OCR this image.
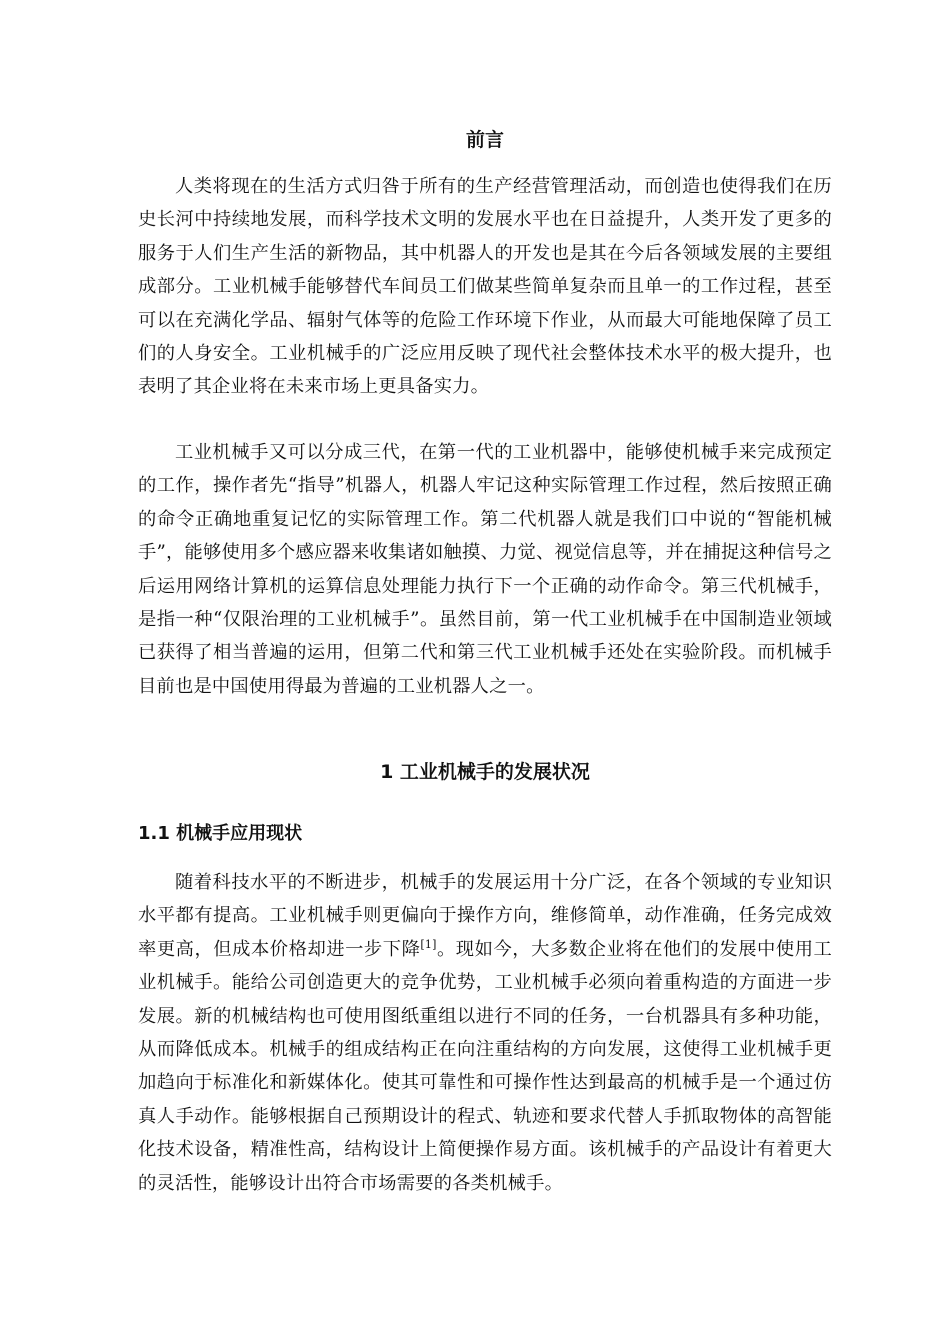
前言

人类将现在的生活方式归咎于所有的生产经营管理活动，而创造也使得我们在历史长河中持续地发展，而科学技术文明的发展水平也在日益提升，人类开发了更多的服务于人们生产生活的新物品，其中机器人的开发也是其在今后各领域发展的主要组成部分。工业机械手能够替代车间员工们做某些简单复杂而且单一的工作过程，甚至可以在充满化学品、辐射气体等的危险工作环境下作业，从而最大可能地保障了员工们的人身安全。工业机械手的广泛应用反映了现代社会整体技术水平的极大提升，也表明了其企业将在未来市场上更具备实力。

工业机械手又可以分成三代，在第一代的工业机器中，能够使机械手来完成预定的工作，操作者先“指导”机器人，机器人牢记这种实际管理工作过程，然后按照正确的命令正确地重复记忆的实际管理工作。第二代机器人就是我们口中说的“智能机械手”，能够使用多个感应器来收集诸如触摸、力觉、视觉信息等，并在捕捉这种信号之后运用网络计算机的运算信息处理能力执行下一个正确的动作命令。第三代机械手，是指一种“仅限治理的工业机械手”。虽然目前，第一代工业机械手在中国制造业领域已获得了相当普遍的运用，但第二代和第三代工业机械手还处在实验阶段。而机械手目前也是中国使用得最为普遍的工业机器人之一。

1 工业机械手的发展状况
1.1 机械手应用现状

随着科技水平的不断进步，机械手的发展运用十分广泛，在各个领域的专业知识水平都有提高。工业机械手则更偏向于操作方向，维修简单，动作准确，任务完成效率更高，但成本价格却进一步下降[1]。现如今，大多数企业将在他们的发展中使用工业机械手。能给公司创造更大的竞争优势，工业机械手必须向着重构造的方面进一步发展。新的机械结构也可使用图纸重组以进行不同的任务，一台机器具有多种功能，从而降低成本。机械手的组成结构正在向注重结构的方向发展，这使得工业机械手更加趋向于标准化和新媒体化。使其可靠性和可操作性达到最高的机械手是一个通过仿真人手动作。能够根据自己预期设计的程式、轨迹和要求代替人手抓取物体的高智能化技术设备，精准性高，结构设计上简便操作易方面。该机械手的产品设计有着更大的灵活性，能够设计出符合市场需要的各类机械手。
